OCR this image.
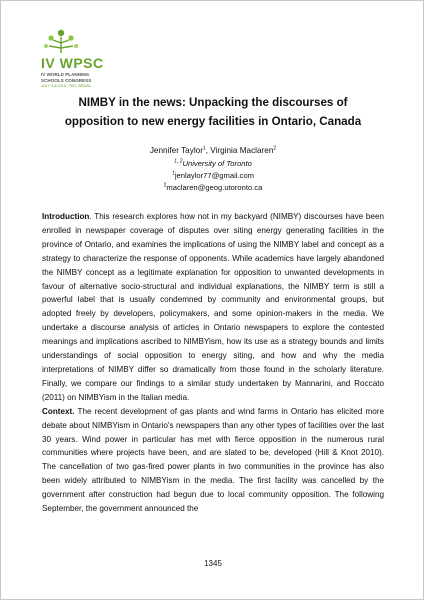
IV WPSC
IV WORLD PLANNING
SCHOOLS CONGRESS
JULY 4-8 2016 · RIO, BRAZIL
NIMBY in the news: Unpacking the discourses of
opposition to new energy facilities in Ontario, Canada
Jennifer Taylor$^1$, Virginia Maclaren$^2$
$^{1, 2}$University of Toronto
$^1$jenlaylor77@gmail.com
$^2$maclaren@geog.utoronto.ca

Introduction. This research explores how not in my backyard (NIMBY) discourses have been enrolled in newspaper coverage of disputes over siting energy generating facilities in the province of Ontario, and examines the implications of using the NIMBY label and concept as a strategy to characterize the response of opponents. While academics have largely abandoned the NIMBY concept as a legitimate explanation for opposition to unwanted developments in favour of alternative socio-structural and individual explanations, the NIMBY term is still a powerful label that is usually condemned by community and environmental groups, but adopted freely by developers, policymakers, and some opinion-makers in the media. We undertake a discourse analysis of articles in Ontario newspapers to explore the contested meanings and implications ascribed to NIMBYism, how its use as a strategy bounds and limits understandings of social opposition to energy siting, and how and why the media interpretations of NIMBY differ so dramatically from those found in the scholarly literature. Finally, we compare our findings to a similar study undertaken by Mannarini, and Roccato (2011) on NIMBYism in the Italian media.

Context. The recent development of gas plants and wind farms in Ontario has elicited more debate about NIMBYism in Ontario's newspapers than any other types of facilities over the last 30 years. Wind power in particular has met with fierce opposition in the numerous rural communities where projects have been, and are slated to be, developed (Hill & Knot 2010). The cancellation of two gas-fired power plants in two communities in the province has also been widely attributed to NIMBYism in the media. The first facility was cancelled by the government after construction had begun due to local community opposition. The following September, the government announced the

1345
